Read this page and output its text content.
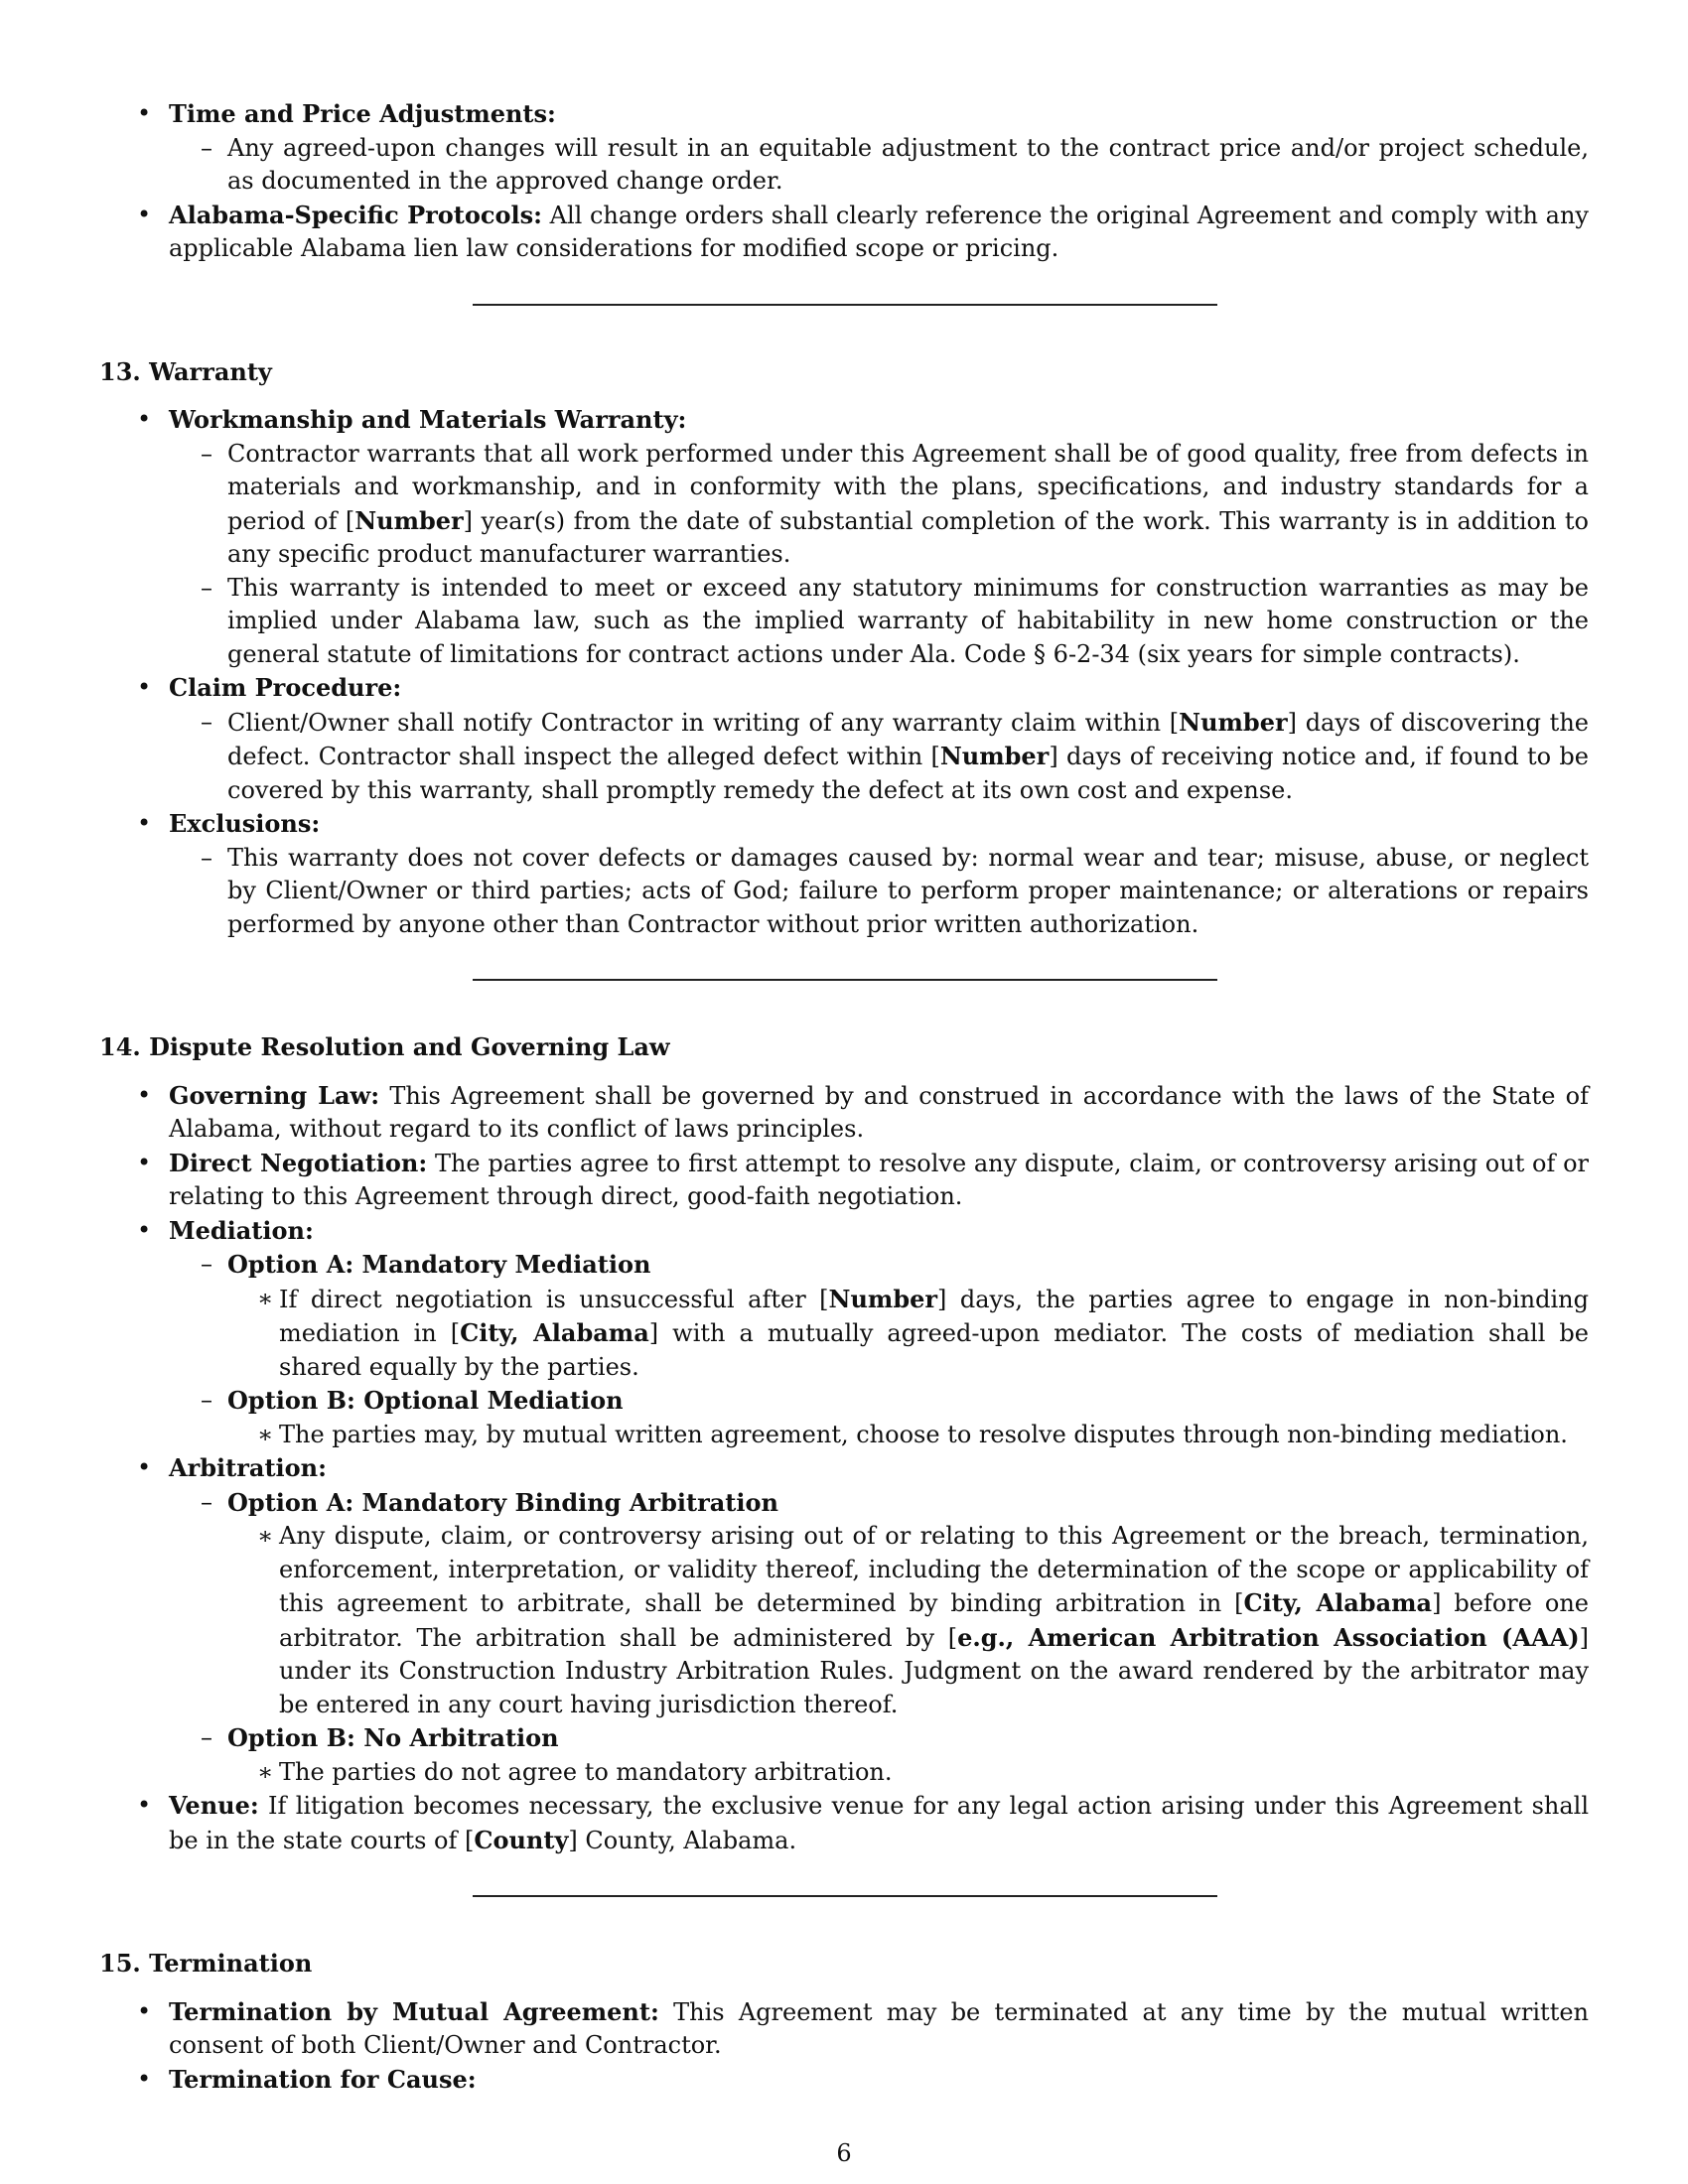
• Time and Price Adjustments:
– Any agreed-upon changes will result in an equitable adjustment to the contract price and/or project schedule, as documented in the approved change order.
• Alabama-Specific Protocols: All change orders shall clearly reference the original Agreement and comply with any applicable Alabama lien law considerations for modified scope or pricing.
13. Warranty
• Workmanship and Materials Warranty:
– Contractor warrants that all work performed under this Agreement shall be of good quality, free from defects in materials and workmanship, and in conformity with the plans, specifications, and industry standards for a period of [Number] year(s) from the date of substantial completion of the work. This warranty is in addition to any specific product manufacturer warranties.
– This warranty is intended to meet or exceed any statutory minimums for construction warranties as may be implied under Alabama law, such as the implied warranty of habitability in new home construction or the general statute of limitations for contract actions under Ala. Code § 6-2-34 (six years for simple contracts).
• Claim Procedure:
– Client/Owner shall notify Contractor in writing of any warranty claim within [Number] days of discovering the defect. Contractor shall inspect the alleged defect within [Number] days of receiving notice and, if found to be covered by this warranty, shall promptly remedy the defect at its own cost and expense.
• Exclusions:
– This warranty does not cover defects or damages caused by: normal wear and tear; misuse, abuse, or neglect by Client/Owner or third parties; acts of God; failure to perform proper maintenance; or alterations or repairs performed by anyone other than Contractor without prior written authorization.
14. Dispute Resolution and Governing Law
• Governing Law: This Agreement shall be governed by and construed in accordance with the laws of the State of Alabama, without regard to its conflict of laws principles.
• Direct Negotiation: The parties agree to first attempt to resolve any dispute, claim, or controversy arising out of or relating to this Agreement through direct, good-faith negotiation.
• Mediation:
– Option A: Mandatory Mediation
∗ If direct negotiation is unsuccessful after [Number] days, the parties agree to engage in non-binding mediation in [City, Alabama] with a mutually agreed-upon mediator. The costs of mediation shall be shared equally by the parties.
– Option B: Optional Mediation
∗ The parties may, by mutual written agreement, choose to resolve disputes through non-binding mediation.
• Arbitration:
– Option A: Mandatory Binding Arbitration
∗ Any dispute, claim, or controversy arising out of or relating to this Agreement or the breach, termination, enforcement, interpretation, or validity thereof, including the determination of the scope or applicability of this agreement to arbitrate, shall be determined by binding arbitration in [City, Alabama] before one arbitrator. The arbitration shall be administered by [e.g., American Arbitration Association (AAA)] under its Construction Industry Arbitration Rules. Judgment on the award rendered by the arbitrator may be entered in any court having jurisdiction thereof.
– Option B: No Arbitration
∗ The parties do not agree to mandatory arbitration.
• Venue: If litigation becomes necessary, the exclusive venue for any legal action arising under this Agreement shall be in the state courts of [County] County, Alabama.
15. Termination
• Termination by Mutual Agreement: This Agreement may be terminated at any time by the mutual written consent of both Client/Owner and Contractor.
• Termination for Cause:
6
